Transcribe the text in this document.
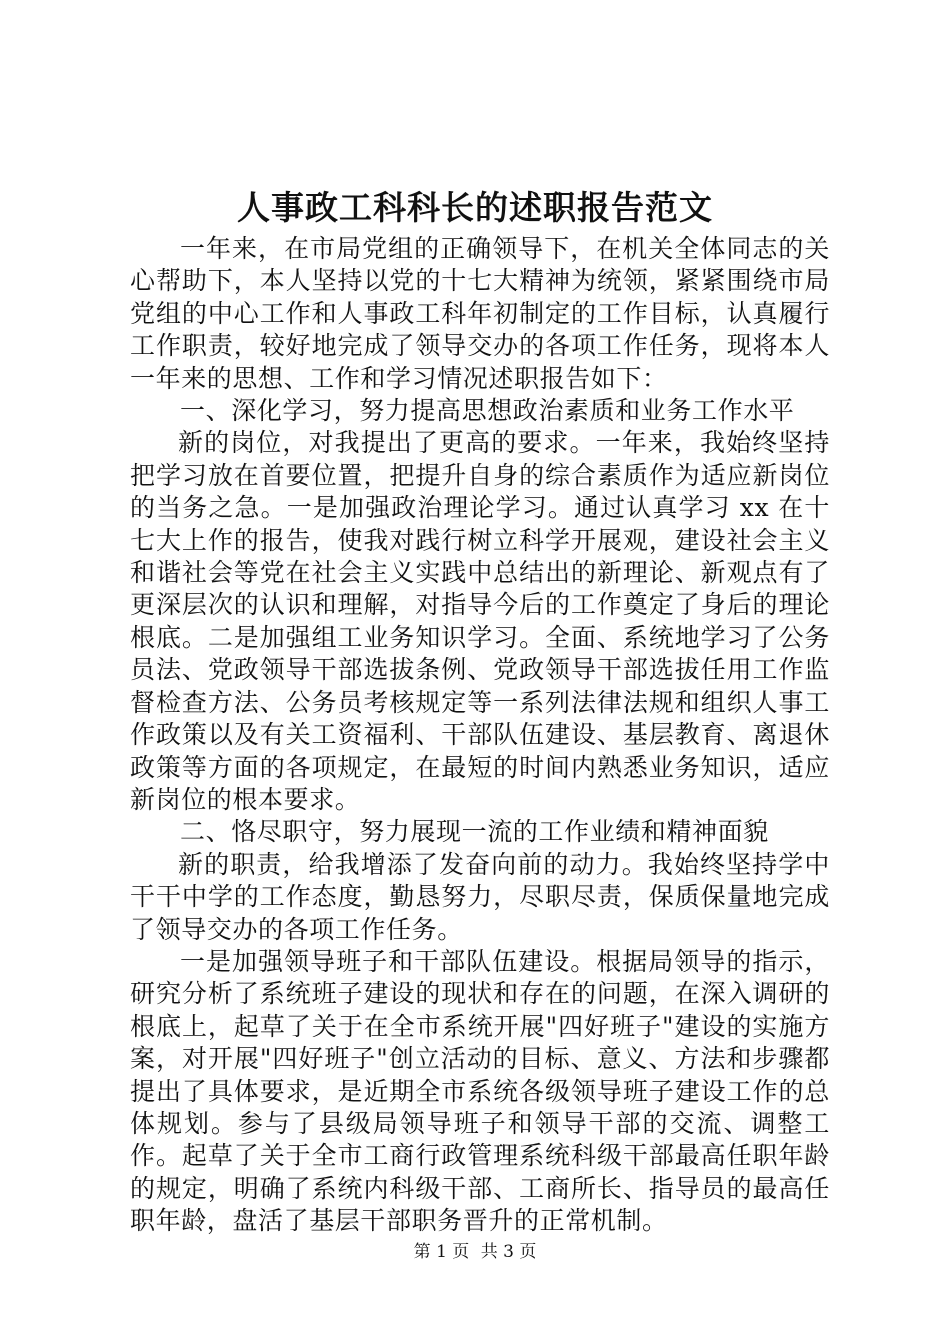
人事政工科科长的述职报告范文

一年来，在市局党组的正确领导下，在机关全体同志的关心帮助下，本人坚持以党的十七大精神为统领，紧紧围绕市局党组的中心工作和人事政工科年初制定的工作目标，认真履行工作职责，较好地完成了领导交办的各项工作任务，现将本人一年来的思想、工作和学习情况述职报告如下：

一、深化学习，努力提高思想政治素质和业务工作水平

新的岗位，对我提出了更高的要求。一年来，我始终坚持把学习放在首要位置，把提升自身的综合素质作为适应新岗位的当务之急。一是加强政治理论学习。通过认真学习 xx 在十七大上作的报告，使我对践行树立科学开展观，建设社会主义和谐社会等党在社会主义实践中总结出的新理论、新观点有了更深层次的认识和理解，对指导今后的工作奠定了身后的理论根底。二是加强组工业务知识学习。全面、系统地学习了公务员法、党政领导干部选拔条例、党政领导干部选拔任用工作监督检查方法、公务员考核规定等一系列法律法规和组织人事工作政策以及有关工资福利、干部队伍建设、基层教育、离退休政策等方面的各项规定，在最短的时间内熟悉业务知识，适应新岗位的根本要求。

二、恪尽职守，努力展现一流的工作业绩和精神面貌

新的职责，给我增添了发奋向前的动力。我始终坚持学中干干中学的工作态度，勤恳努力，尽职尽责，保质保量地完成了领导交办的各项工作任务。

一是加强领导班子和干部队伍建设。根据局领导的指示，研究分析了系统班子建设的现状和存在的问题，在深入调研的根底上，起草了关于在全市系统开展"四好班子"建设的实施方案，对开展"四好班子"创立活动的目标、意义、方法和步骤都提出了具体要求，是近期全市系统各级领导班子建设工作的总体规划。参与了县级局领导班子和领导干部的交流、调整工作。起草了关于全市工商行政管理系统科级干部最高任职年龄的规定，明确了系统内科级干部、工商所长、指导员的最高任职年龄，盘活了基层干部职务晋升的正常机制。

第 1 页 共 3 页
